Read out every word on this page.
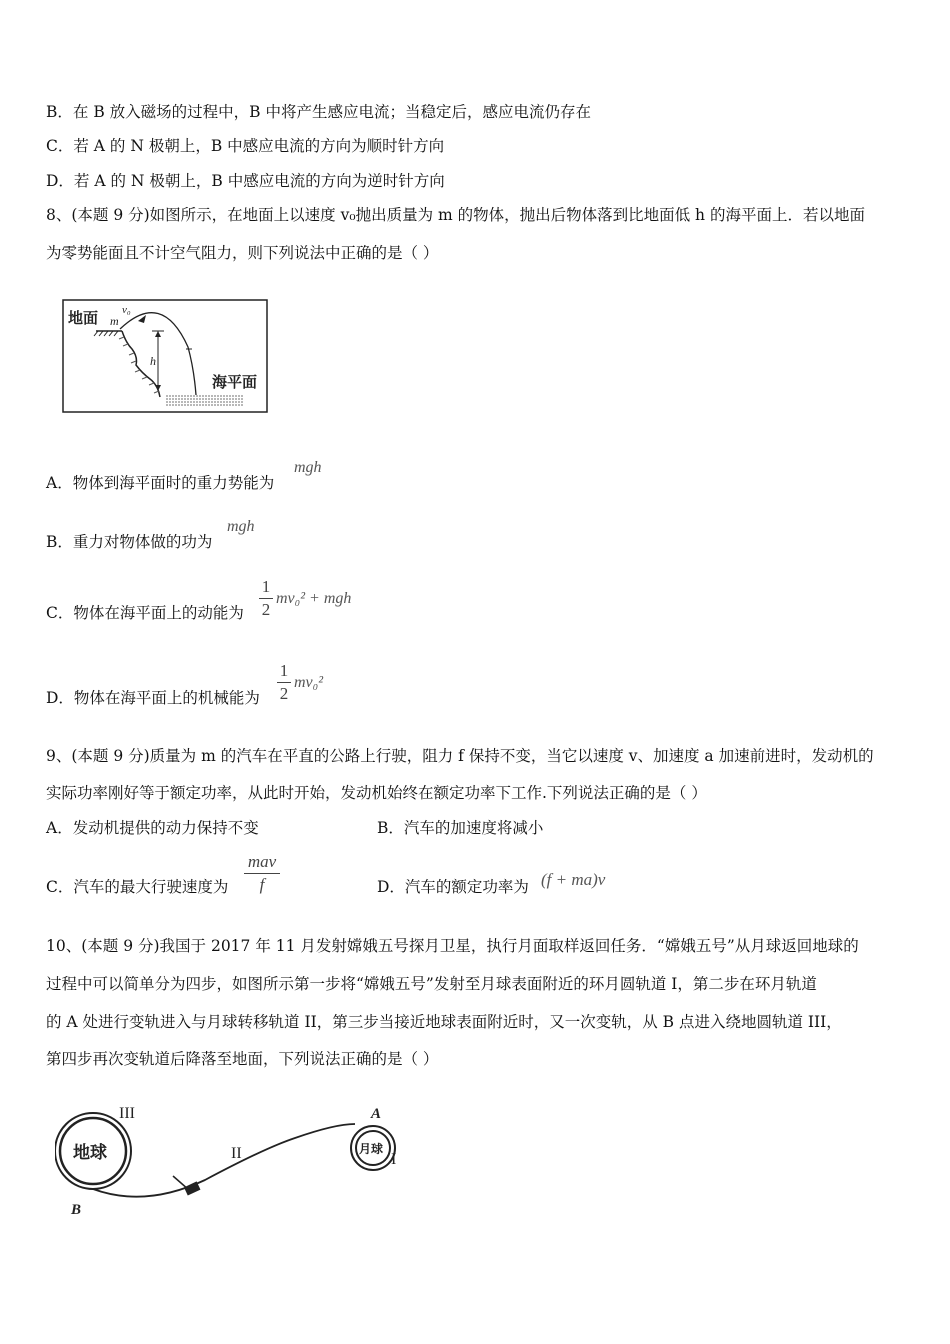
B．在 B 放入磁场的过程中，B 中将产生感应电流；当稳定后，感应电流仍存在
C．若 A 的 N 极朝上，B 中感应电流的方向为顺时针方向
D．若 A 的 N 极朝上，B 中感应电流的方向为逆时针方向
8、(本题 9 分)如图所示，在地面上以速度 v₀抛出质量为 m 的物体，抛出后物体落到比地面低 h 的海平面上．若以地面
为零势能面且不计空气阻力，则下列说法中正确的是（ ）
地面 m
v₀
h
海平面
A．物体到海平面时的重力势能为
mgh
B．重力对物体做的功为
mgh
C．物体在海平面上的动能为
1
2
mv₀² + mgh
D．物体在海平面上的机械能为
1
2
mv₀²
9、(本题 9 分)质量为 m 的汽车在平直的公路上行驶，阻力 f 保持不变，当它以速度 v、加速度 a 加速前进时，发动机的
实际功率刚好等于额定功率，从此时开始，发动机始终在额定功率下工作.下列说法正确的是（ ）
A．发动机提供的动力保持不变	B．汽车的加速度将减小
C．汽车的最大行驶速度为
mav
f	D．汽车的额定功率为 (f + ma)v
10、(本题 9 分)我国于 2017 年 11 月发射嫦娥五号探月卫星，执行月面取样返回任务．“嫦娥五号”从月球返回地球的
过程中可以简单分为四步，如图所示第一步将“嫦娥五号”发射至月球表面附近的环月圆轨道 I，第二步在环月轨道
的 A 处进行变轨进入与月球转移轨道 II，第三步当接近地球表面附近时，又一次变轨，从 B 点进入绕地圆轨道 III，
第四步再次变轨道后降落至地面，下列说法正确的是（ ）
地球
III
II	月球
A
I
B
